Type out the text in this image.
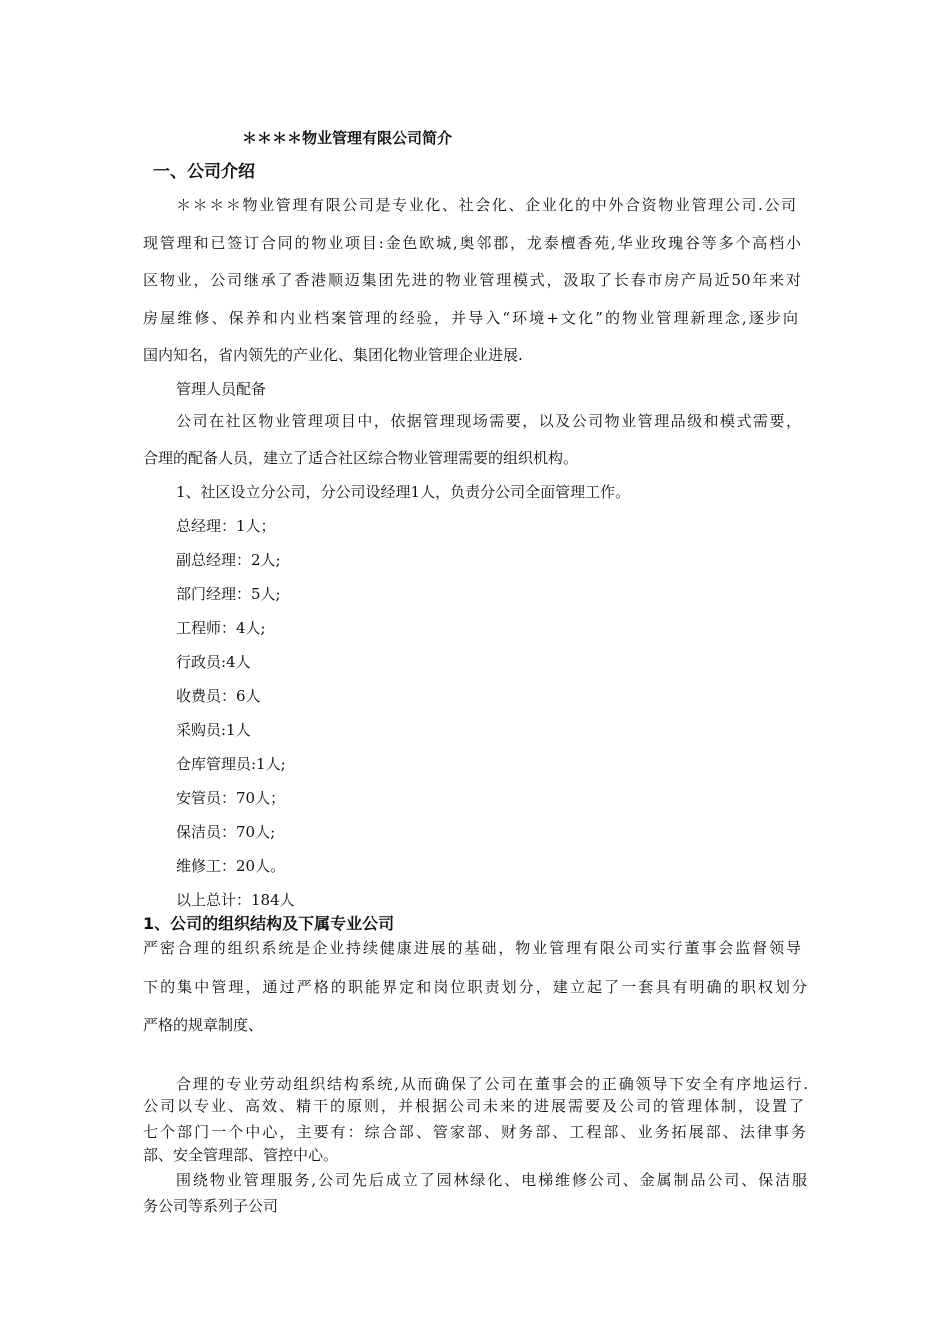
＊＊＊＊物业管理有限公司简介
一、公司介绍
＊＊＊＊物业管理有限公司是专业化、社会化、企业化的中外合资物业管理公司.公司
现管理和已签订合同的物业项目:金色欧城,奥邻郡，龙泰檀香苑,华业玫瑰谷等多个高档小
区物业，公司继承了香港顺迈集团先进的物业管理模式，汲取了长春市房产局近50年来对
房屋维修、保养和内业档案管理的经验，并导入“环境+文化”的物业管理新理念,逐步向
国内知名，省内领先的产业化、集团化物业管理企业进展.
管理人员配备
公司在社区物业管理项目中，依据管理现场需要，以及公司物业管理品级和模式需要，
合理的配备人员，建立了适合社区综合物业管理需要的组织机构。
1、社区设立分公司，分公司设经理1人，负责分公司全面管理工作。
总经理：1人；
副总经理：2人;
部门经理：5人;
工程师：4人;
行政员:4人
收费员：6人
采购员:1人
仓库管理员:1人;
安管员：70人；
保洁员：70人;
维修工：20人。
以上总计：184人
1、公司的组织结构及下属专业公司
严密合理的组织系统是企业持续健康进展的基础，物业管理有限公司实行董事会监督领导
下的集中管理，通过严格的职能界定和岗位职责划分，建立起了一套具有明确的职权划分
严格的规章制度、
合理的专业劳动组织结构系统,从而确保了公司在董事会的正确领导下安全有序地运行.
公司以专业、高效、精干的原则，并根据公司未来的进展需要及公司的管理体制，设置了
七个部门一个中心，主要有：综合部、管家部、财务部、工程部、业务拓展部、法律事务
部、安全管理部、管控中心。
围绕物业管理服务,公司先后成立了园林绿化、电梯维修公司、金属制品公司、保洁服
务公司等系列子公司
